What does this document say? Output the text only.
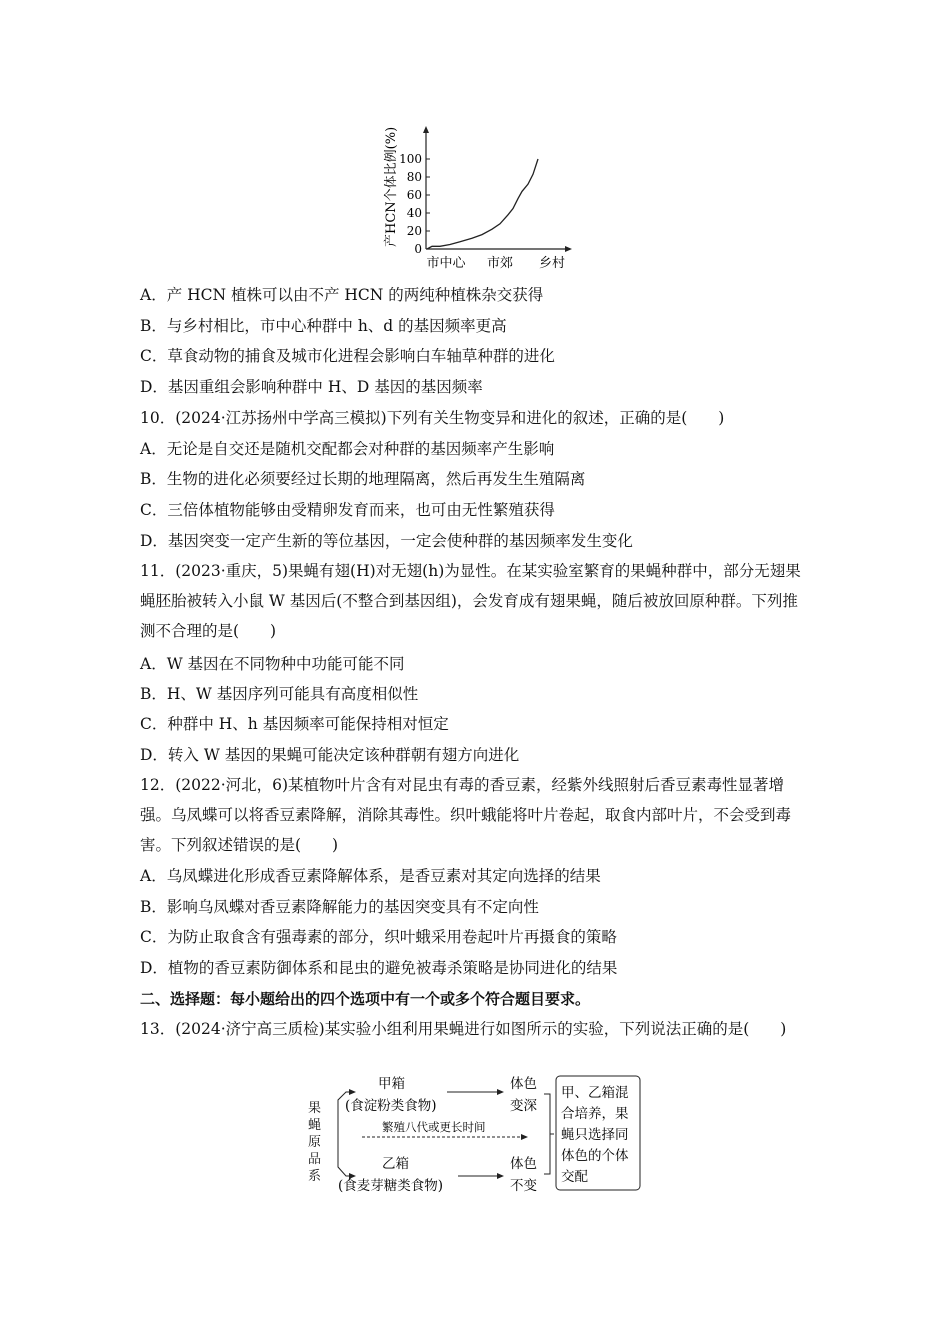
产HCN个体比例(%)
0
20
40
60
80
100
市中心 市郊 乡村
A．产 HCN 植株可以由不产 HCN 的两纯种植株杂交获得
B．与乡村相比，市中心种群中 h、d 的基因频率更高
C．草食动物的捕食及城市化进程会影响白车轴草种群的进化
D．基因重组会影响种群中 H、D 基因的基因频率
10．(2024·江苏扬州中学高三模拟)下列有关生物变异和进化的叙述，正确的是(　　)
A．无论是自交还是随机交配都会对种群的基因频率产生影响
B．生物的进化必须要经过长期的地理隔离，然后再发生生殖隔离
C．三倍体植物能够由受精卵发育而来，也可由无性繁殖获得
D．基因突变一定产生新的等位基因，一定会使种群的基因频率发生变化
11．(2023·重庆，5)果蝇有翅(H)对无翅(h)为显性。在某实验室繁育的果蝇种群中，部分无翅果蝇胚胎被转入小鼠 W 基因后(不整合到基因组)，会发育成有翅果蝇，随后被放回原种群。下列推测不合理的是(　　)
A．W 基因在不同物种中功能可能不同
B．H、W 基因序列可能具有高度相似性
C．种群中 H、h 基因频率可能保持相对恒定
D．转入 W 基因的果蝇可能决定该种群朝有翅方向进化
12．(2022·河北，6)某植物叶片含有对昆虫有毒的香豆素，经紫外线照射后香豆素毒性显著增强。乌凤蝶可以将香豆素降解，消除其毒性。织叶蛾能将叶片卷起，取食内部叶片，不会受到毒害。下列叙述错误的是(　　)
A．乌凤蝶进化形成香豆素降解体系，是香豆素对其定向选择的结果
B．影响乌凤蝶对香豆素降解能力的基因突变具有不定向性
C．为防止取食含有强毒素的部分，织叶蛾采用卷起叶片再摄食的策略
D．植物的香豆素防御体系和昆虫的避免被毒杀策略是协同进化的结果
二、选择题：每小题给出的四个选项中有一个或多个符合题目要求。
13．(2024·济宁高三质检)某实验小组利用果蝇进行如图所示的实验，下列说法正确的是(　　)
果蝇原品系
甲箱
(食淀粉类食物)
乙箱
(食麦芽糖类食物)
繁殖八代或更长时间
体色
变深
体色
不变
甲、乙箱混
合培养，果
蝇只选择同
体色的个体
交配
